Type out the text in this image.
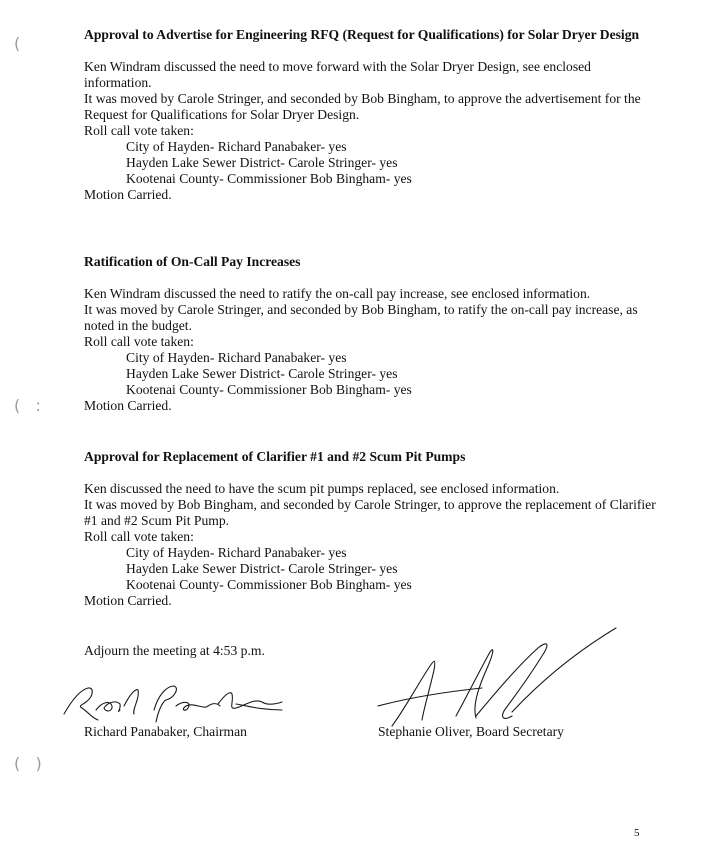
(
(   :
(   )

Approval to Advertise for Engineering RFQ (Request for Qualifications) for Solar Dryer Design

Ken Windram discussed the need to move forward with the Solar Dryer Design, see enclosed information.

It was moved by Carole Stringer, and seconded by Bob Bingham, to approve the advertisement for the Request for Qualifications for Solar Dryer Design.

Roll call vote taken:

City of Hayden- Richard Panabaker- yes

Hayden Lake Sewer District- Carole Stringer- yes

Kootenai County- Commissioner Bob Bingham- yes

Motion Carried.

Ratification of On-Call Pay Increases

Ken Windram discussed the need to ratify the on-call pay increase, see enclosed information.

It was moved by Carole Stringer, and seconded by Bob Bingham, to ratify the on-call pay increase, as noted in the budget.

Roll call vote taken:

City of Hayden- Richard Panabaker- yes

Hayden Lake Sewer District- Carole Stringer- yes

Kootenai County- Commissioner Bob Bingham- yes

Motion Carried.

Approval for Replacement of Clarifier #1 and #2 Scum Pit Pumps

Ken discussed the need to have the scum pit pumps replaced, see enclosed information.

It was moved by Bob Bingham, and seconded by Carole Stringer, to approve the replacement of Clarifier #1 and #2 Scum Pit Pump.

Roll call vote taken:

City of Hayden- Richard Panabaker- yes

Hayden Lake Sewer District- Carole Stringer- yes

Kootenai County- Commissioner Bob Bingham- yes

Motion Carried.

Adjourn the meeting at 4:53 p.m.

Richard Panabaker, Chairman	Stephanie Oliver, Board Secretary

5
